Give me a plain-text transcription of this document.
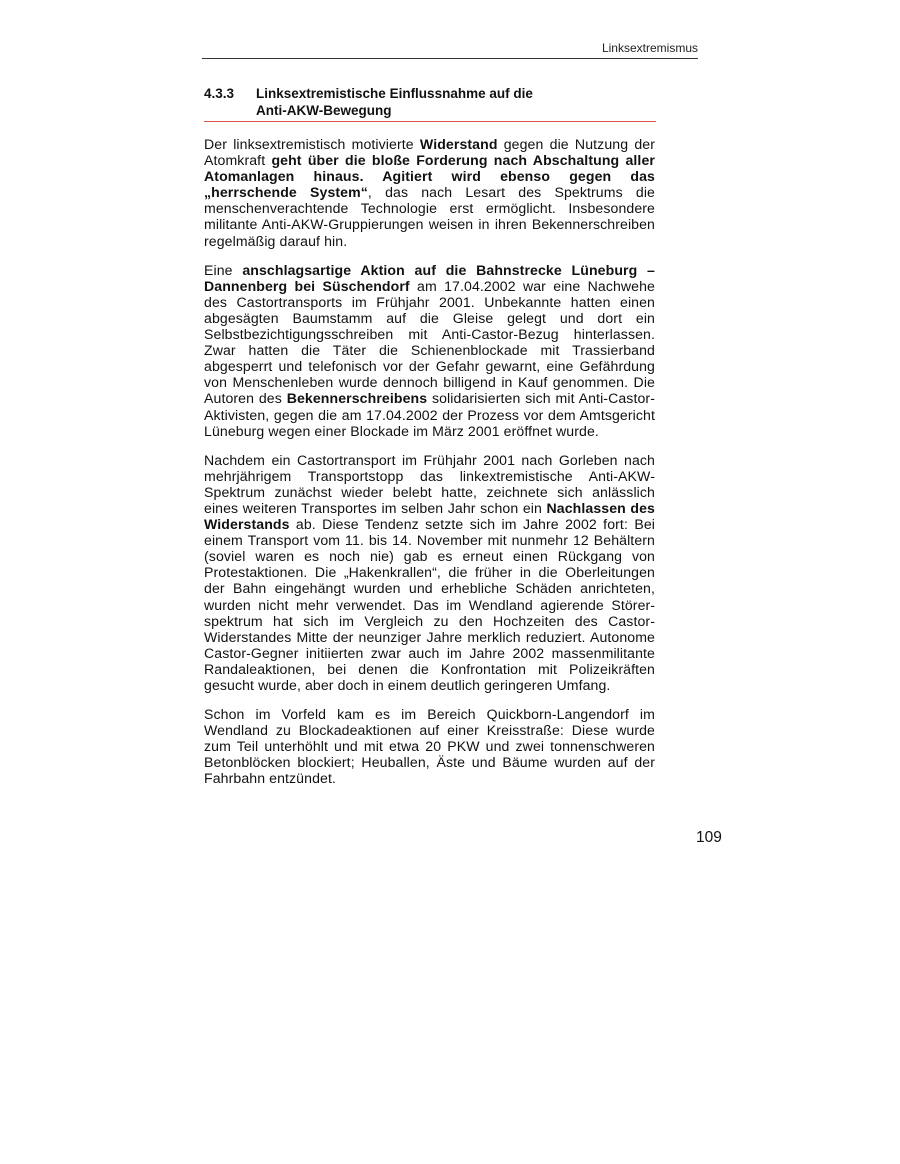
Linksextremismus
4.3.3	Linksextremistische Einflussnahme auf die
Anti-AKW-Bewegung

Der linksextremistisch motivierte Widerstand gegen die Nutzung der Atomkraft geht über die bloße Forderung nach Abschaltung aller Atomanlagen hinaus. Agitiert wird ebenso gegen das „herrschende System“, das nach Lesart des Spektrums die menschenverachtende Technologie erst ermöglicht. Insbesondere militante Anti-AKW-Gruppierungen weisen in ihren Bekennerschreiben regelmäßig darauf hin.

Eine anschlagsartige Aktion auf die Bahnstrecke Lüneburg – Dannenberg bei Süschendorf am 17.04.2002 war eine Nachwehe des Castortransports im Frühjahr 2001. Unbekannte hatten einen abgesägten Baumstamm auf die Gleise gelegt und dort ein Selbstbezichtigungsschreiben mit Anti-Castor-Bezug hinterlassen. Zwar hatten die Täter die Schienenblockade mit Trassierband abgesperrt und telefonisch vor der Gefahr gewarnt, eine Gefährdung von Menschenleben wurde dennoch billigend in Kauf genommen. Die Autoren des Bekennerschreibens solidarisierten sich mit Anti-Castor-Aktivisten, gegen die am 17.04.2002 der Prozess vor dem Amtsgericht Lüneburg wegen einer Blockade im März 2001 eröffnet wurde.

Nachdem ein Castortransport im Frühjahr 2001 nach Gorleben nach mehrjährigem Transportstopp das linkextremistische Anti-AKW-Spektrum zunächst wieder belebt hatte, zeichnete sich anlässlich eines weiteren Transportes im selben Jahr schon ein Nachlassen des Widerstands ab. Diese Tendenz setzte sich im Jahre 2002 fort: Bei einem Transport vom 11. bis 14. November mit nunmehr 12 Behältern (soviel waren es noch nie) gab es erneut einen Rückgang von Protestaktionen. Die „Hakenkrallen“, die früher in die Oberleitungen der Bahn eingehängt wurden und erhebliche Schäden anrichteten, wurden nicht mehr verwendet. Das im Wendland agierende Störerspektrum hat sich im Vergleich zu den Hochzeiten des Castor-Widerstandes Mitte der neunziger Jahre merklich reduziert. Autonome Castor-Gegner initiierten zwar auch im Jahre 2002 massenmilitante Randaleaktionen, bei denen die Konfrontation mit Polizeikräften gesucht wurde, aber doch in einem deutlich geringeren Umfang.

Schon im Vorfeld kam es im Bereich Quickborn-Langendorf im Wendland zu Blockadeaktionen auf einer Kreisstraße: Diese wurde zum Teil unterhöhlt und mit etwa 20 PKW und zwei tonnenschweren Betonblöcken blockiert; Heuballen, Äste und Bäume wurden auf der Fahrbahn entzündet.

109
